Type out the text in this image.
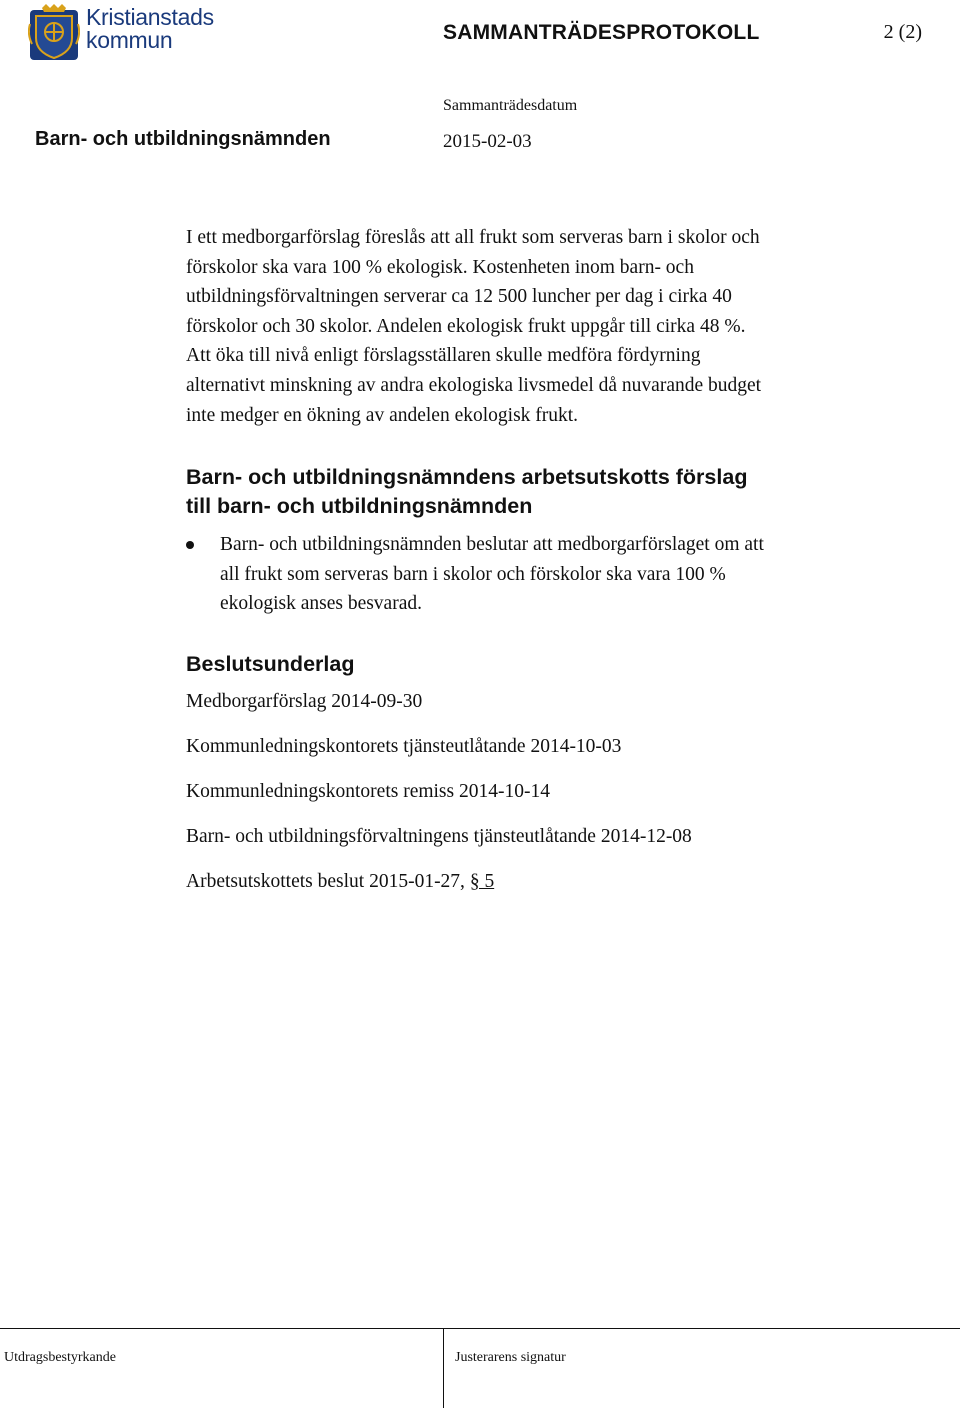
Kristianstads
kommun	SAMMANTRÄDESPROTOKOLL	2 (2)
Sammanträdesdatum
Barn- och utbildningsnämnden	2015-02-03
I ett medborgarförslag föreslås att all frukt som serveras barn i skolor och
förskolor ska vara 100 % ekologisk. Kostenheten inom barn- och
utbildningsförvaltningen serverar ca 12 500 luncher per dag i cirka 40
förskolor och 30 skolor. Andelen ekologisk frukt uppgår till cirka 48 %.
Att öka till nivå enligt förslagsställaren skulle medföra fördyrning
alternativt minskning av andra ekologiska livsmedel då nuvarande budget
inte medger en ökning av andelen ekologisk frukt.
Barn- och utbildningsnämndens arbetsutskotts förslag
till barn- och utbildningsnämnden
Barn- och utbildningsnämnden beslutar att medborgarförslaget om att
all frukt som serveras barn i skolor och förskolor ska vara 100 %
ekologisk anses besvarad.
Beslutsunderlag
Medborgarförslag 2014-09-30
Kommunledningskontorets tjänsteutlåtande 2014-10-03
Kommunledningskontorets remiss 2014-10-14
Barn- och utbildningsförvaltningens tjänsteutlåtande 2014-12-08
Arbetsutskottets beslut 2015-01-27, § 5
Utdragsbestyrkande	Justerarens signatur
